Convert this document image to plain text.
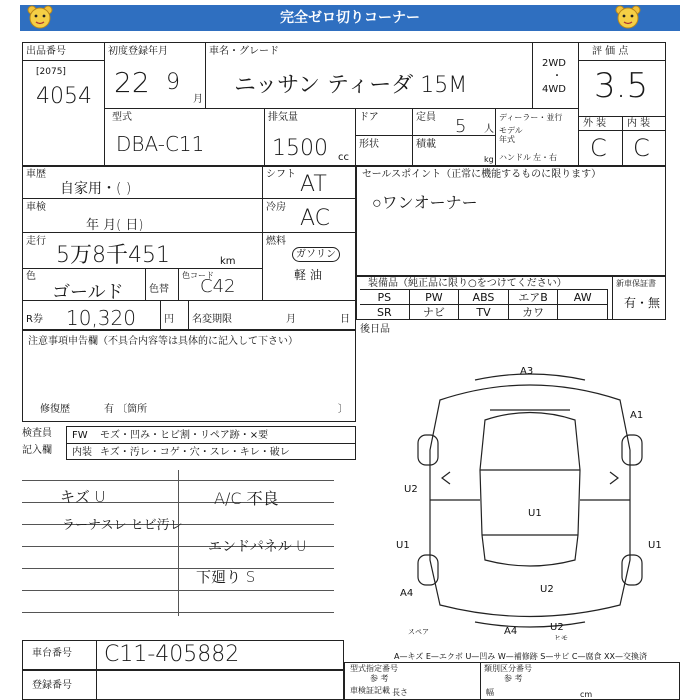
完全ゼロ切りコーナー
出品番号
[2075]
4054
初度登録年月
22 9
月
車名・グレード
ニッサン ティーダ 15M
2WD
・
4WD
評 価 点
3.5
外 装 内 装
C C
型式
DBA-C11
排気量
1500 cc
ドア	定員 5 人
ディーラー・並行
モデル年式
ハンドル 左・右
形状	積載
kg
車歴
自家用・( )
シフト AT
車検
年 月( 日)
冷房 AC
走行
5万8千451	km
燃料
ガソリン
軽 油
色
ゴールド	色替
色コード
C42
R券 10,320	円 名変期限	月	日
セールスポイント（正常に機能するものに限ります）
○ワンオーナー
装備品（純正品に限り○をつけてください）	新車保証書
有・無
PS	PW	ABS	エアB	AW
SR	ナビ	TV	カワ
後日品
注意事項申告欄（不具合内容等は具体的に記入して下さい）
修復歴	有 〔箇所	〕
検査員
記入欄
FW モズ・凹み・ヒビ割・リペア跡・×要
内装 キズ・汚レ・コゲ・穴・スレ・キレ・破レ
キズ U
ラーナスレ ヒビ汚レ
A/C 不良
エンドパネル U
下廻り S
A3
A1
U2
U1
U1	U1
A4	U2
A4	U2
スペア
ヒモ
車台番号 C11-405882
登録番号
A—キズ E—エクボ U—凹み W—補修跡 S—サビ C—腐食 XX—交換済
型式指定番号
参 考
類別区分番号
参 考
車検証記載 長さ	幅	cm
